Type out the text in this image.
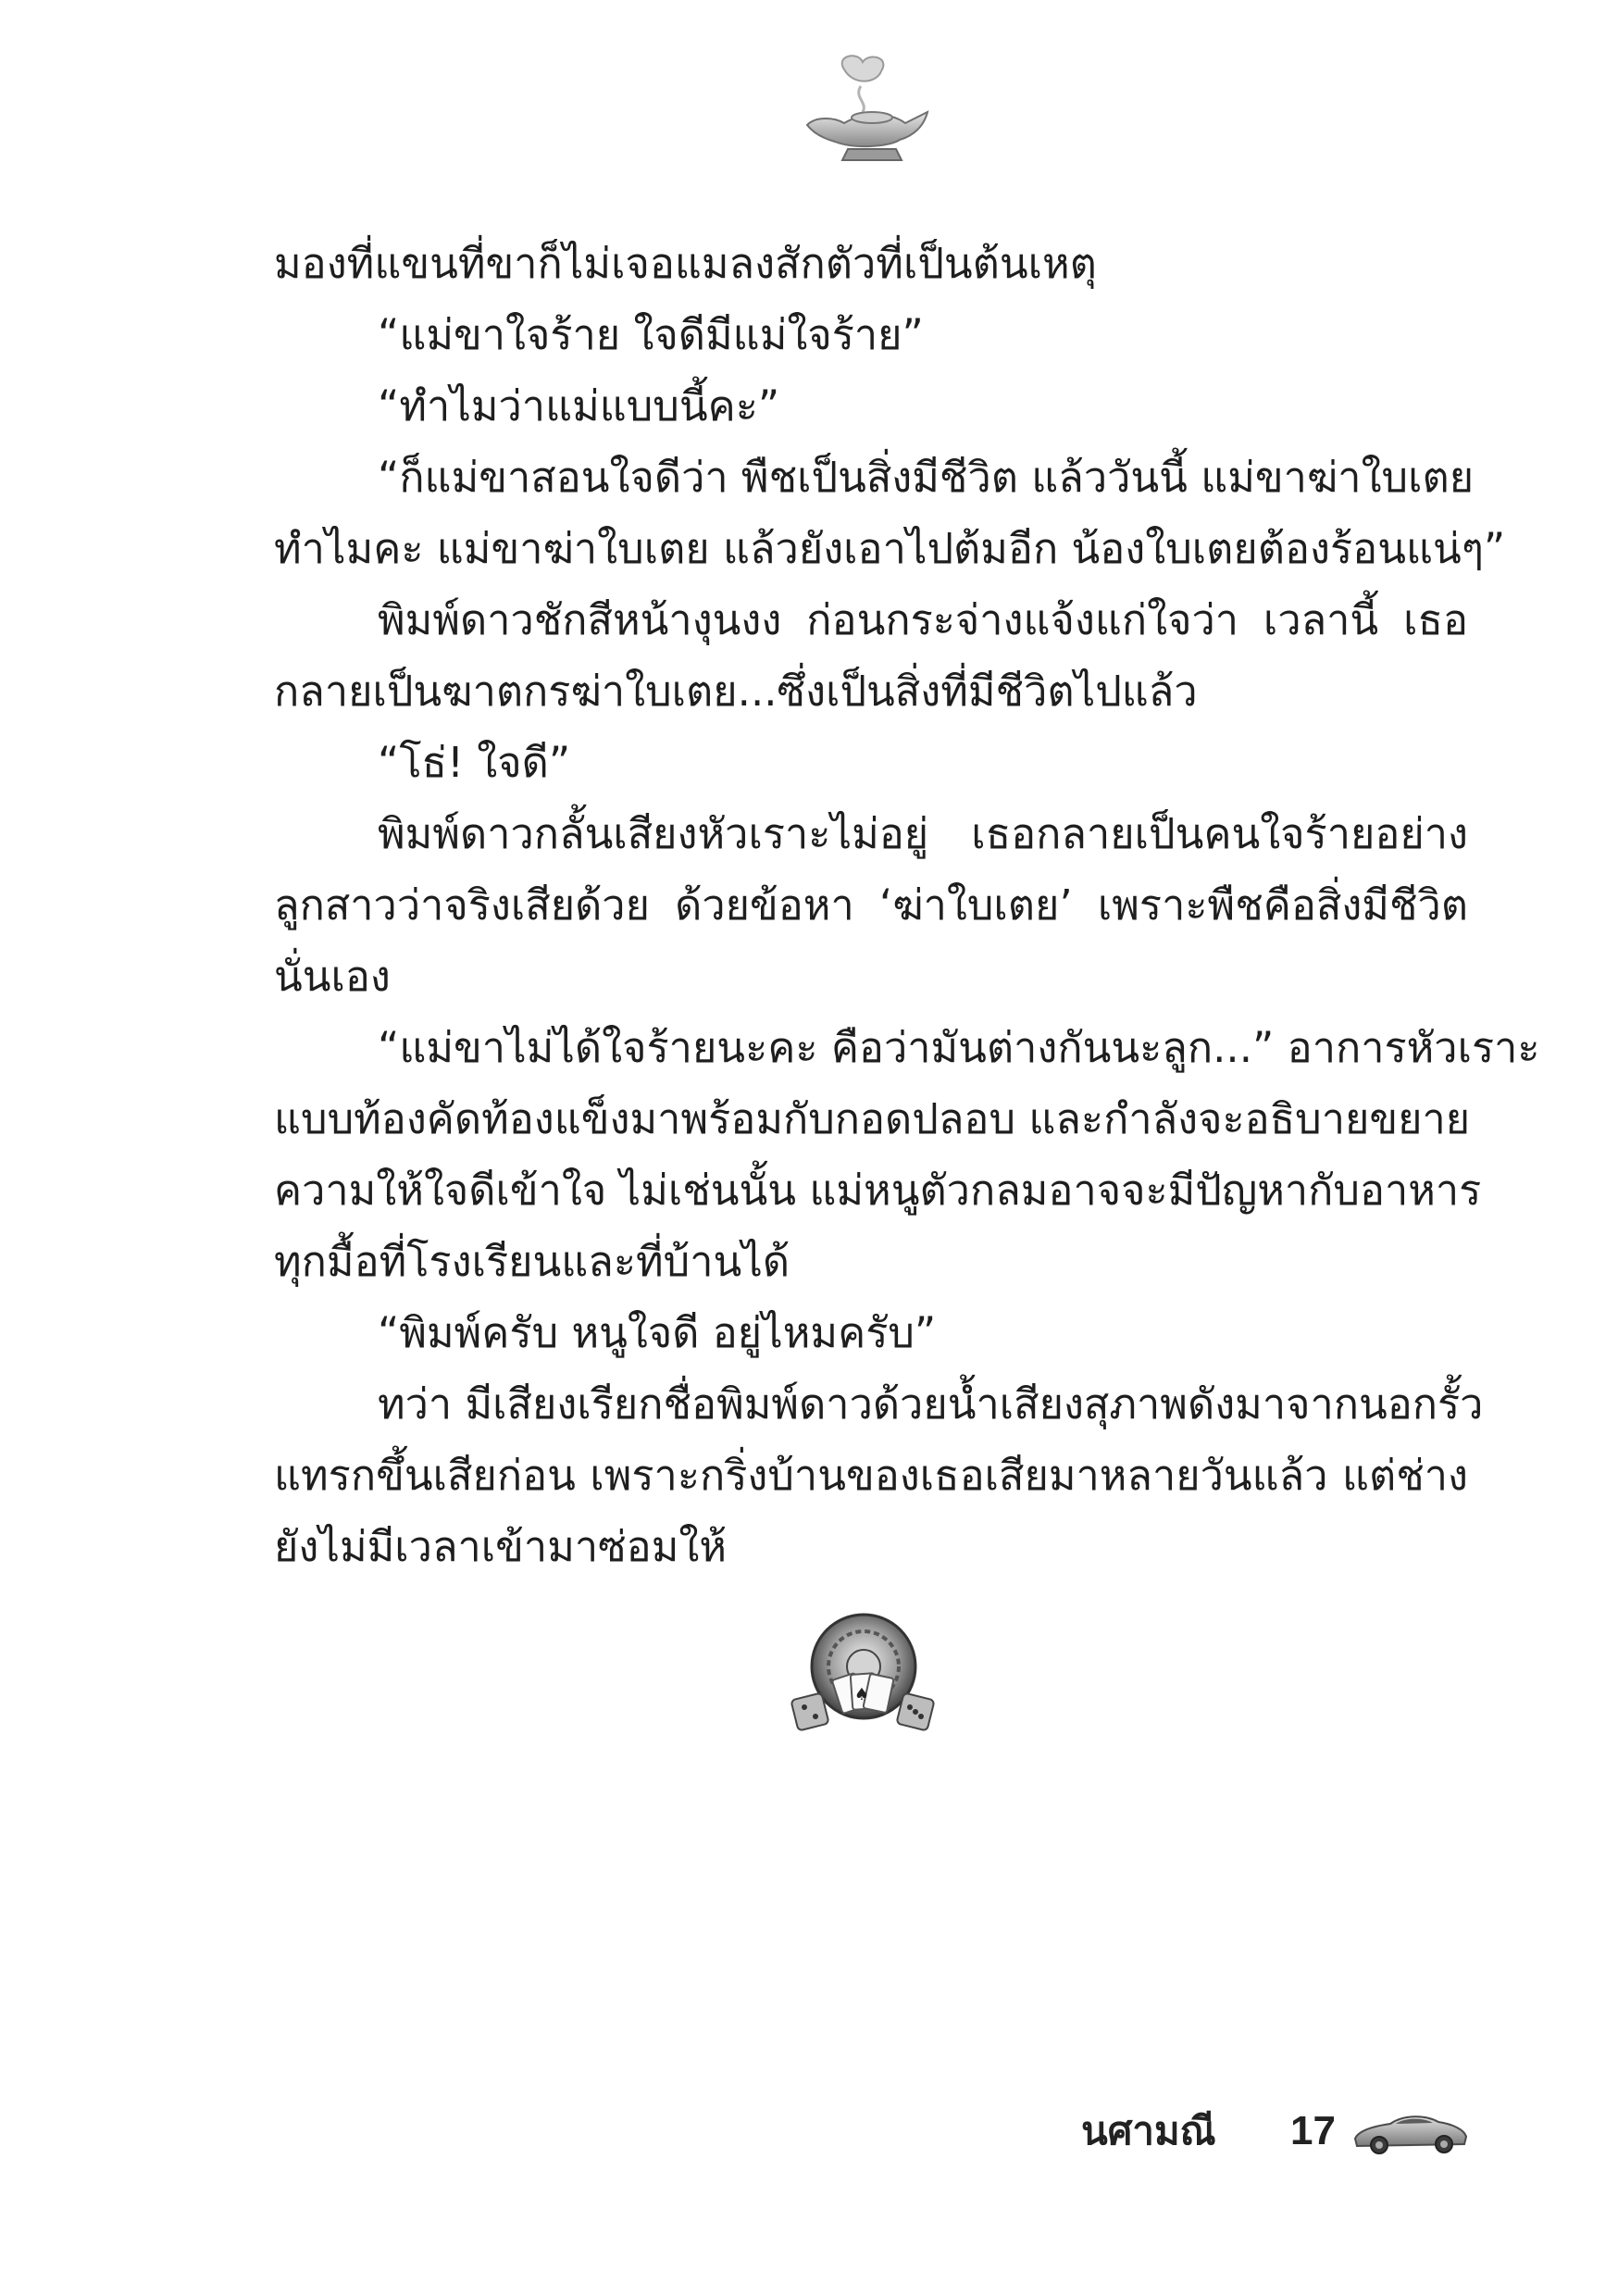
มองที่แขนที่ขาก็ไม่เจอแมลงสักตัวที่เป็นต้นเหตุ
“แม่ขาใจร้าย ใจดีมีแม่ใจร้าย”
“ทำไมว่าแม่แบบนี้คะ”
“ก็แม่ขาสอนใจดีว่า พืชเป็นสิ่งมีชีวิต แล้ววันนี้ แม่ขาฆ่าใบเตย
ทำไมคะ แม่ขาฆ่าใบเตย แล้วยังเอาไปต้มอีก น้องใบเตยต้องร้อนแน่ๆ”
พิมพ์ดาวชักสีหน้างุนงง ก่อนกระจ่างแจ้งแก่ใจว่า เวลานี้ เธอ
กลายเป็นฆาตกรฆ่าใบเตย...ซึ่งเป็นสิ่งที่มีชีวิตไปแล้ว
“โธ่! ใจดี”
พิมพ์ดาวกลั้นเสียงหัวเราะไม่อยู่ เธอกลายเป็นคนใจร้ายอย่าง
ลูกสาวว่าจริงเสียด้วย ด้วยข้อหา ‘ฆ่าใบเตย’ เพราะพืชคือสิ่งมีชีวิต
นั่นเอง
“แม่ขาไม่ได้ใจร้ายนะคะ คือว่ามันต่างกันนะลูก...” อาการหัวเราะ
แบบท้องคัดท้องแข็งมาพร้อมกับกอดปลอบ และกำลังจะอธิบายขยาย
ความให้ใจดีเข้าใจ ไม่เช่นนั้น แม่หนูตัวกลมอาจจะมีปัญหากับอาหาร
ทุกมื้อที่โรงเรียนและที่บ้านได้
“พิมพ์ครับ หนูใจดี อยู่ไหมครับ”
ทว่า มีเสียงเรียกชื่อพิมพ์ดาวด้วยน้ำเสียงสุภาพดังมาจากนอกรั้ว
แทรกขึ้นเสียก่อน เพราะกริ่งบ้านของเธอเสียมาหลายวันแล้ว แต่ช่าง
ยังไม่มีเวลาเข้ามาซ่อมให้
♠
นศามณี 17
